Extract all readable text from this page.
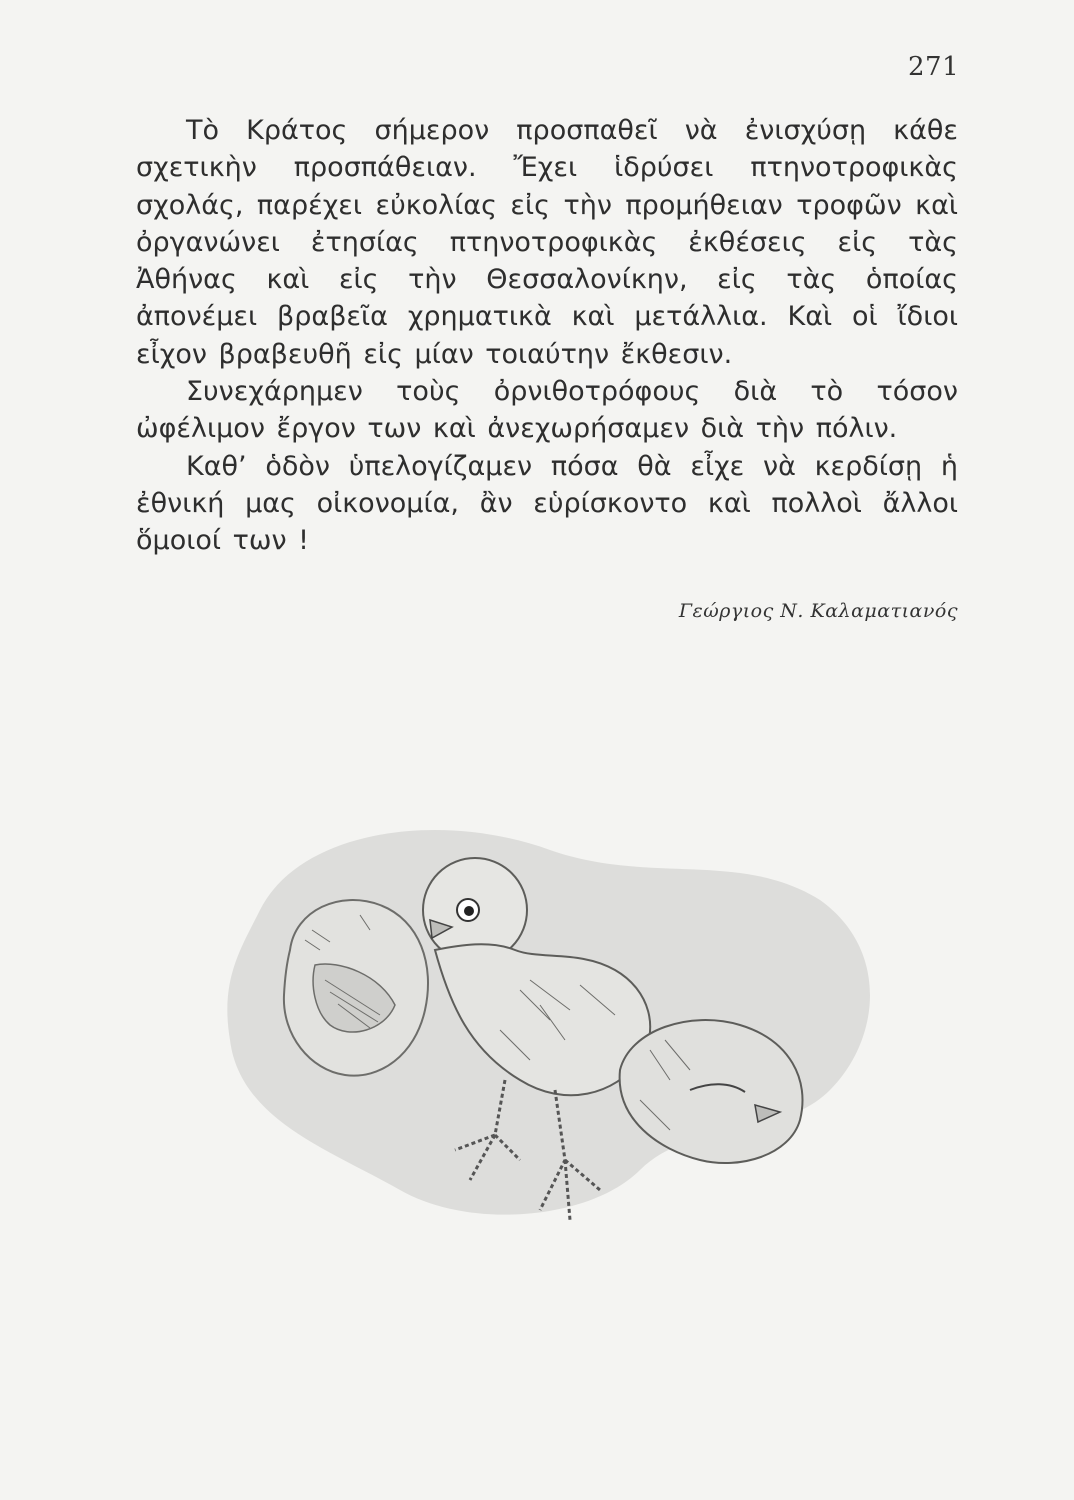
271

Τὸ Κράτος σήμερον προσπαθεῖ νὰ ἐνισχύσῃ κάθε σχετικὴν προσπάθειαν. Ἔχει ἱδρύσει πτηνοτροφικὰς σχολάς, παρέχει εὐκολίας εἰς τὴν προμήθειαν τροφῶν καὶ ὀργανώνει ἐτησίας πτηνοτροφικὰς ἐκθέσεις εἰς τὰς Ἀθήνας καὶ εἰς τὴν Θεσσαλονίκην, εἰς τὰς ὁποίας ἀπονέμει βραβεῖα χρηματικὰ καὶ μετάλλια. Καὶ οἱ ἴδιοι εἶχον βραβευθῆ εἰς μίαν τοιαύτην ἔκθεσιν.

Συνεχάρημεν τοὺς ὀρνιθοτρόφους διὰ τὸ τόσον ὠφέλιμον ἔργον των καὶ ἀνεχωρήσαμεν διὰ τὴν πόλιν.

Καθ’ ὁδὸν ὑπελογίζαμεν πόσα θὰ εἶχε νὰ κερδίσῃ ἡ ἐθνική μας οἰκονομία, ἂν εὑρίσκοντο καὶ πολλοὶ ἄλλοι ὅμοιοί των !

Γεώργιος Ν. Καλαματιανός
